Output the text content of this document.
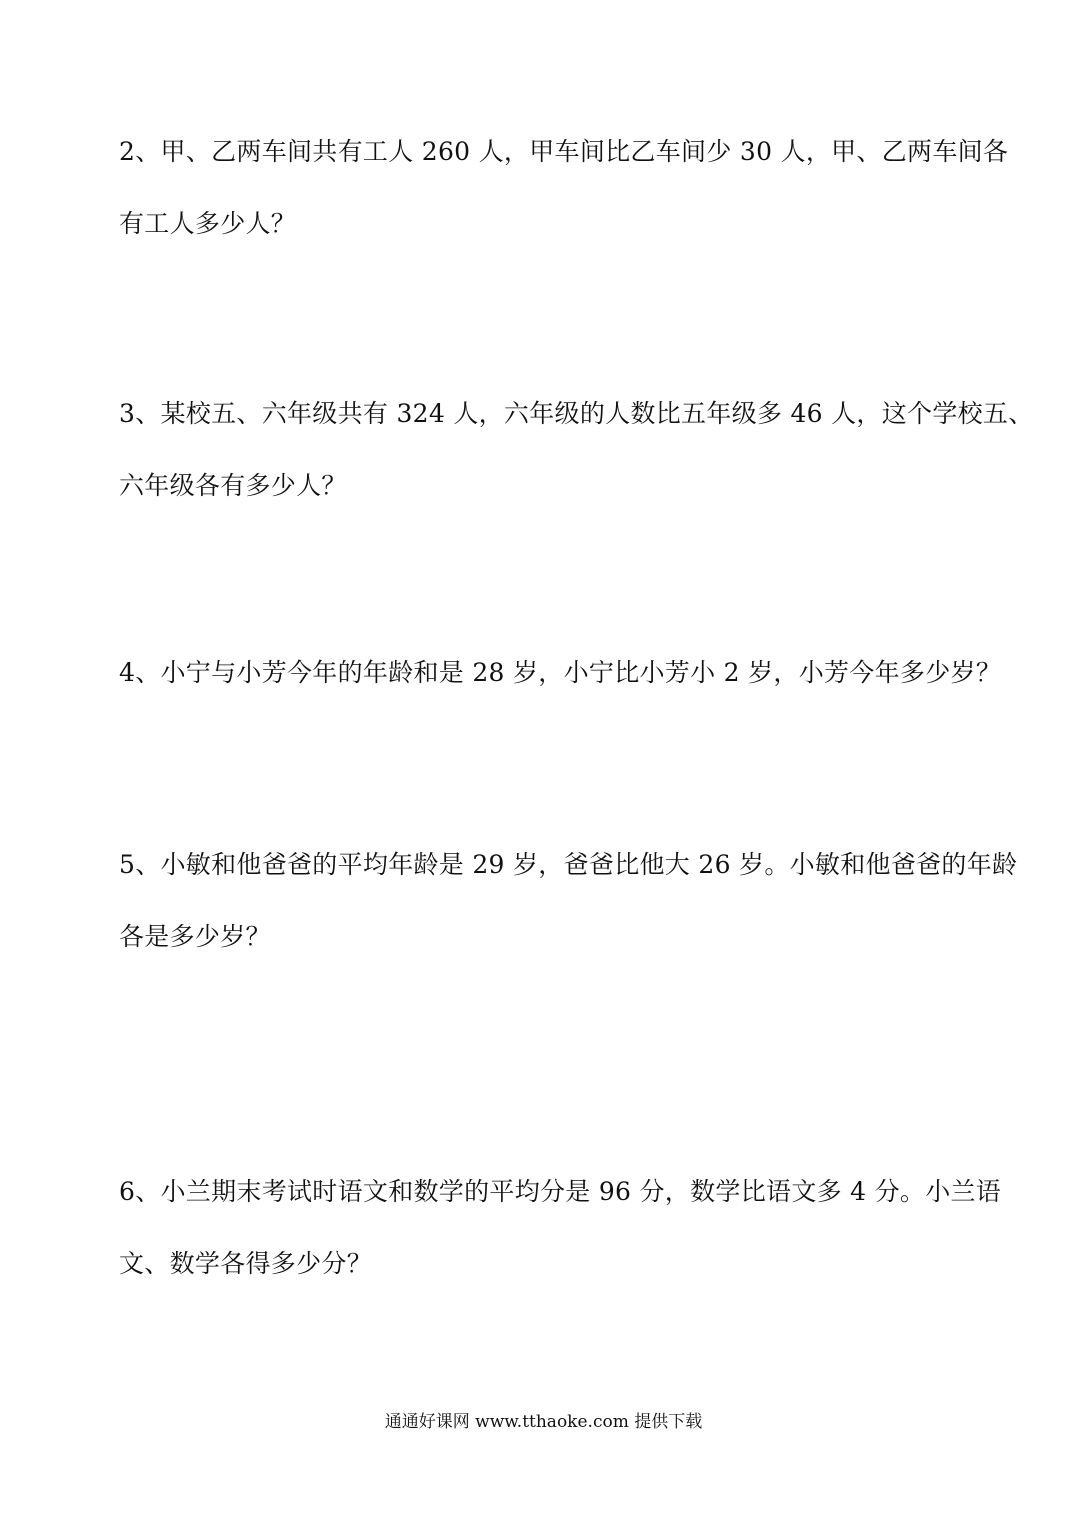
2、甲、乙两车间共有工人 260 人，甲车间比乙车间少 30 人，甲、乙两车间各
有工人多少人？
3、某校五、六年级共有 324 人，六年级的人数比五年级多 46 人，这个学校五、
六年级各有多少人？
4、小宁与小芳今年的年龄和是 28 岁，小宁比小芳小 2 岁，小芳今年多少岁？
5、小敏和他爸爸的平均年龄是 29 岁，爸爸比他大 26 岁。小敏和他爸爸的年龄
各是多少岁？
6、小兰期末考试时语文和数学的平均分是 96 分，数学比语文多 4 分。小兰语
文、数学各得多少分？
通通好课网 www.tthaoke.com 提供下载
